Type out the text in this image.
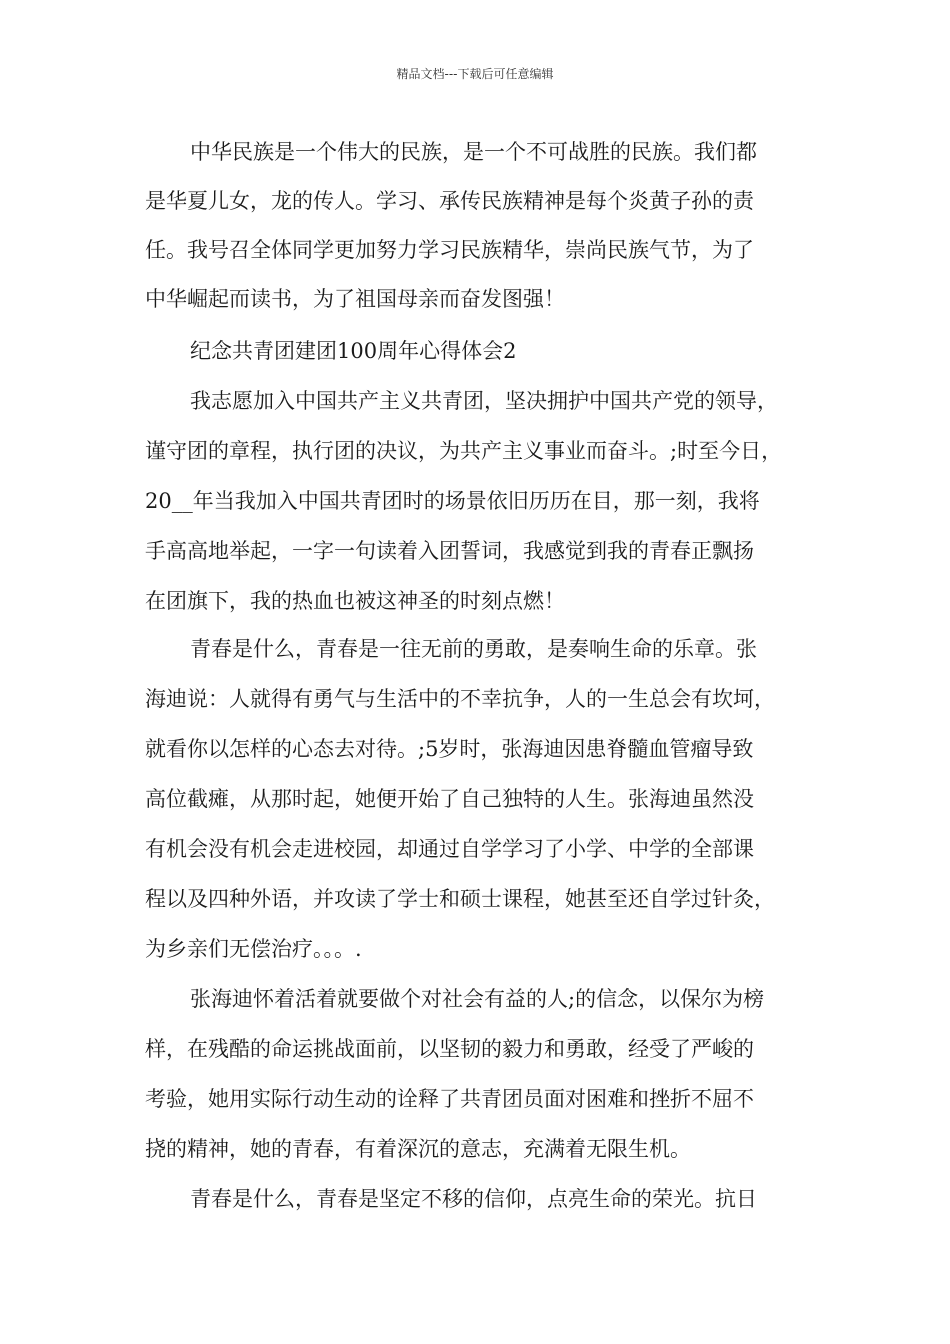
精品文档---下载后可任意编辑
中华民族是一个伟大的民族，是一个不可战胜的民族。我们都
是华夏儿女，龙的传人。学习、承传民族精神是每个炎黄子孙的责
任。我号召全体同学更加努力学习民族精华，崇尚民族气节，为了
中华崛起而读书，为了祖国母亲而奋发图强！
纪念共青团建团100周年心得体会2
我志愿加入中国共产主义共青团，坚决拥护中国共产党的领导，
谨守团的章程，执行团的决议，为共产主义事业而奋斗。;时至今日，
20__年当我加入中国共青团时的场景依旧历历在目，那一刻，我将
手高高地举起，一字一句读着入团誓词，我感觉到我的青春正飘扬
在团旗下，我的热血也被这神圣的时刻点燃！
青春是什么，青春是一往无前的勇敢，是奏响生命的乐章。张
海迪说：人就得有勇气与生活中的不幸抗争，人的一生总会有坎坷，
就看你以怎样的心态去对待。;5岁时，张海迪因患脊髓血管瘤导致
高位截瘫，从那时起，她便开始了自己独特的人生。张海迪虽然没
有机会没有机会走进校园，却通过自学学习了小学、中学的全部课
程以及四种外语，并攻读了学士和硕士课程，她甚至还自学过针灸，
为乡亲们无偿治疗。。。.
张海迪怀着活着就要做个对社会有益的人;的信念，以保尔为榜
样，在残酷的命运挑战面前，以坚韧的毅力和勇敢，经受了严峻的
考验，她用实际行动生动的诠释了共青团员面对困难和挫折不屈不
挠的精神，她的青春，有着深沉的意志，充满着无限生机。
青春是什么，青春是坚定不移的信仰，点亮生命的荣光。抗日
